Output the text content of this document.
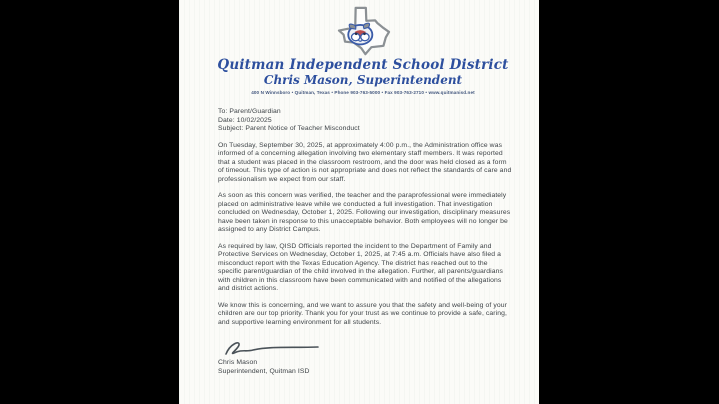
Quitman Independent School District
Chris Mason, Superintendent
400 N Winnsboro • Quitman, Texas • Phone 903-763-5000 • Fax 903-763-2710 • www.quitmanisd.net
To: Parent/Guardian
Date: 10/02/2025
Subject: Parent Notice of Teacher Misconduct

On Tuesday, September 30, 2025, at approximately 4:00 p.m., the Administration office was informed of a concerning allegation involving two elementary staff members. It was reported that a student was placed in the classroom restroom, and the door was held closed as a form of timeout. This type of action is not appropriate and does not reflect the standards of care and professionalism we expect from our staff.

As soon as this concern was verified, the teacher and the paraprofessional were immediately placed on administrative leave while we conducted a full investigation. That investigation concluded on Wednesday, October 1, 2025. Following our investigation, disciplinary measures have been taken in response to this unacceptable behavior. Both employees will no longer be assigned to any District Campus.

As required by law, QISD Officials reported the incident to the Department of Family and Protective Services on Wednesday, October 1, 2025, at 7:45 a.m. Officials have also filed a misconduct report with the Texas Education Agency. The district has reached out to the specific parent/guardian of the child involved in the allegation. Further, all parents/guardians with children in this classroom have been communicated with and notified of the allegations and district actions.

We know this is concerning, and we want to assure you that the safety and well-being of your children are our top priority. Thank you for your trust as we continue to provide a safe, caring, and supportive learning environment for all students.

Chris Mason
Superintendent, Quitman ISD
